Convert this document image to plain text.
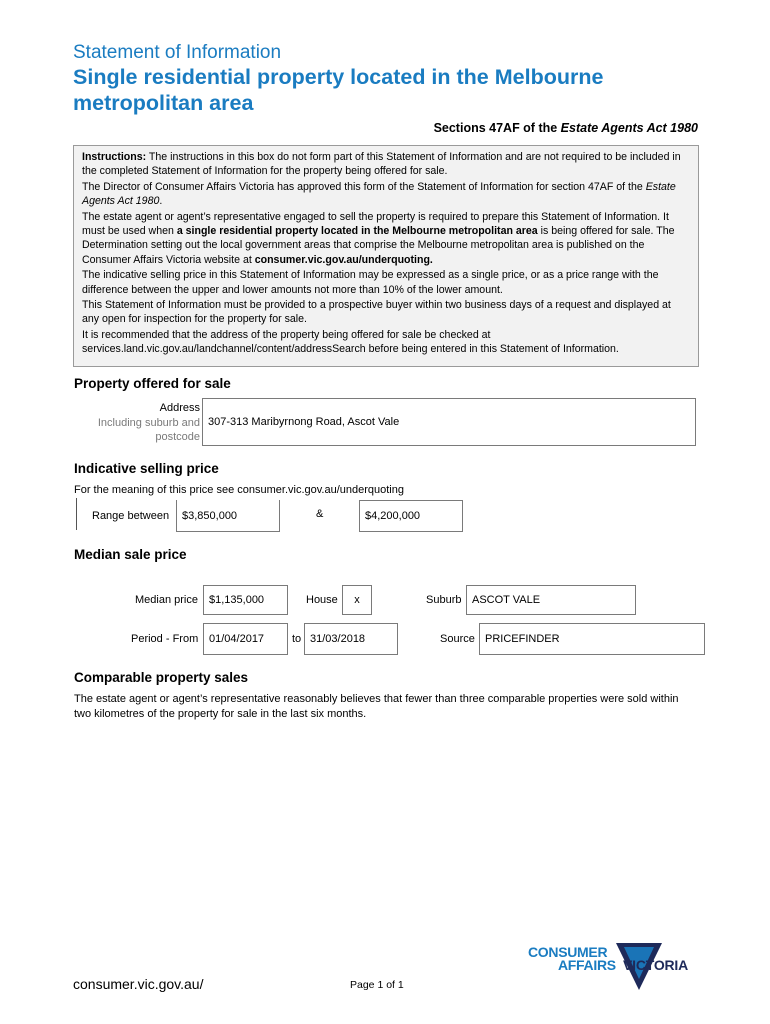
Statement of Information
Single residential property located in the Melbourne
metropolitan area
Sections 47AF of the Estate Agents Act 1980

Instructions: The instructions in this box do not form part of this Statement of Information and are not required to be included in the completed Statement of Information for the property being offered for sale.

The Director of Consumer Affairs Victoria has approved this form of the Statement of Information for section 47AF of the Estate Agents Act 1980.

The estate agent or agent’s representative engaged to sell the property is required to prepare this Statement of Information. It must be used when a single residential property located in the Melbourne metropolitan area is being offered for sale. The Determination setting out the local government areas that comprise the Melbourne metropolitan area is published on the Consumer Affairs Victoria website at consumer.vic.gov.au/underquoting.

The indicative selling price in this Statement of Information may be expressed as a single price, or as a price range with the difference between the upper and lower amounts not more than 10% of the lower amount.

This Statement of Information must be provided to a prospective buyer within two business days of a request and displayed at any open for inspection for the property for sale.

It is recommended that the address of the property being offered for sale be checked at services.land.vic.gov.au/landchannel/content/addressSearch before being entered in this Statement of Information.

Property offered for sale
Address
Including suburb and
postcode
307-313 Maribyrnong Road, Ascot Vale
Indicative selling price
For the meaning of this price see consumer.vic.gov.au/underquoting
Range between $3,850,000	&	$4,200,000
Median sale price
Median price $1,135,000	House x	Suburb ASCOT VALE
Period - From 01/04/2017	to 31/03/2018	Source PRICEFINDER
Comparable property sales
The estate agent or agent’s representative reasonably believes that fewer than three comparable properties were sold within two kilometres of the property for sale in the last six months.
consumer.vic.gov.au/	Page 1 of 1
CONSUMER
AFFAIRS VICTORIA
